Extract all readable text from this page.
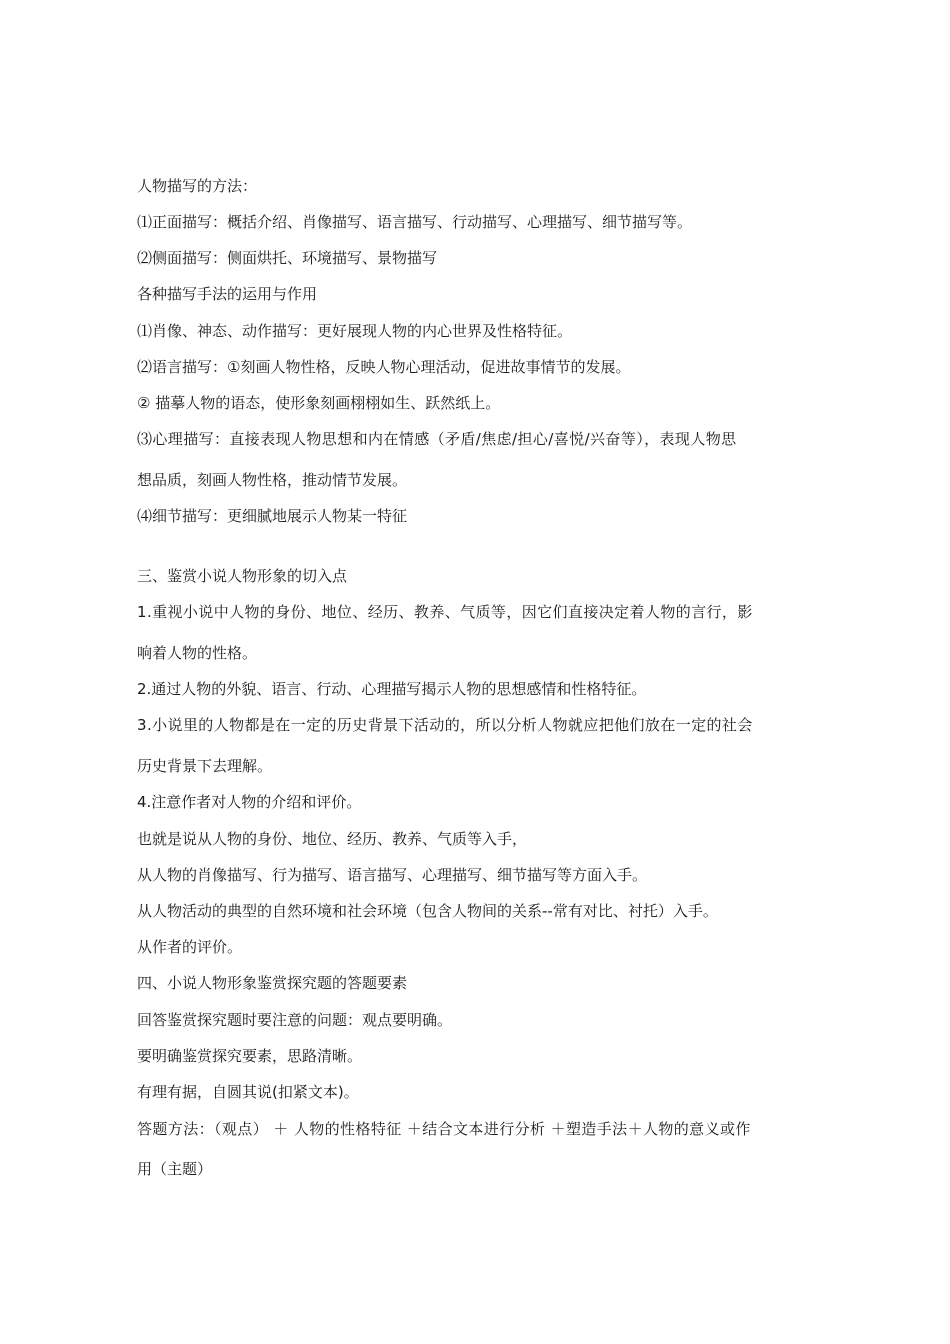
人物描写的方法：
⑴正面描写：概括介绍、肖像描写、语言描写、行动描写、心理描写、细节描写等。
⑵侧面描写：侧面烘托、环境描写、景物描写
各种描写手法的运用与作用
⑴肖像、神态、动作描写：更好展现人物的内心世界及性格特征。
⑵语言描写：①刻画人物性格，反映人物心理活动，促进故事情节的发展。
② 描摹人物的语态，使形象刻画栩栩如生、跃然纸上。
⑶心理描写：直接表现人物思想和内在情感（矛盾/焦虑/担心/喜悦/兴奋等），表现人物思
想品质，刻画人物性格，推动情节发展。
⑷细节描写：更细腻地展示人物某一特征
三、鉴赏小说人物形象的切入点
1.重视小说中人物的身份、地位、经历、教养、气质等，因它们直接决定着人物的言行，影
响着人物的性格。
2.通过人物的外貌、语言、行动、心理描写揭示人物的思想感情和性格特征。
3.小说里的人物都是在一定的历史背景下活动的，所以分析人物就应把他们放在一定的社会
历史背景下去理解。
4.注意作者对人物的介绍和评价。
也就是说从人物的身份、地位、经历、教养、气质等入手，
从人物的肖像描写、行为描写、语言描写、心理描写、细节描写等方面入手。
从人物活动的典型的自然环境和社会环境（包含人物间的关系--常有对比、衬托）入手。
从作者的评价。
四、小说人物形象鉴赏探究题的答题要素
回答鉴赏探究题时要注意的问题：观点要明确。
要明确鉴赏探究要素，思路清晰。
有理有据，自圆其说(扣紧文本)。
答题方法：（观点） ＋ 人物的性格特征 ＋结合文本进行分析 ＋塑造手法＋人物的意义或作
用（主题）
